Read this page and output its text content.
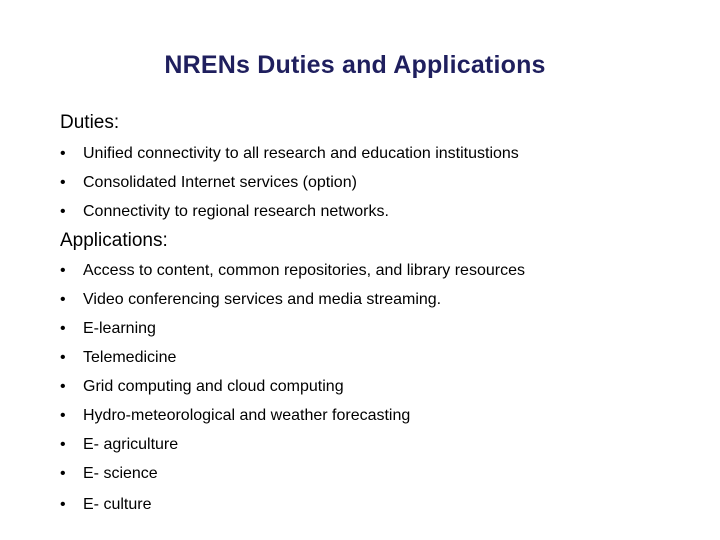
NRENs Duties and Applications
Duties:
• Unified connectivity to all research and education institustions
• Consolidated Internet services (option)
• Connectivity to regional research networks.
Applications:
• Access to content, common repositories, and library resources
• Video conferencing services and media streaming.
• E-learning
• Telemedicine
• Grid computing and cloud computing
• Hydro-meteorological and weather forecasting
• E- agriculture
• E- science
• E- culture
